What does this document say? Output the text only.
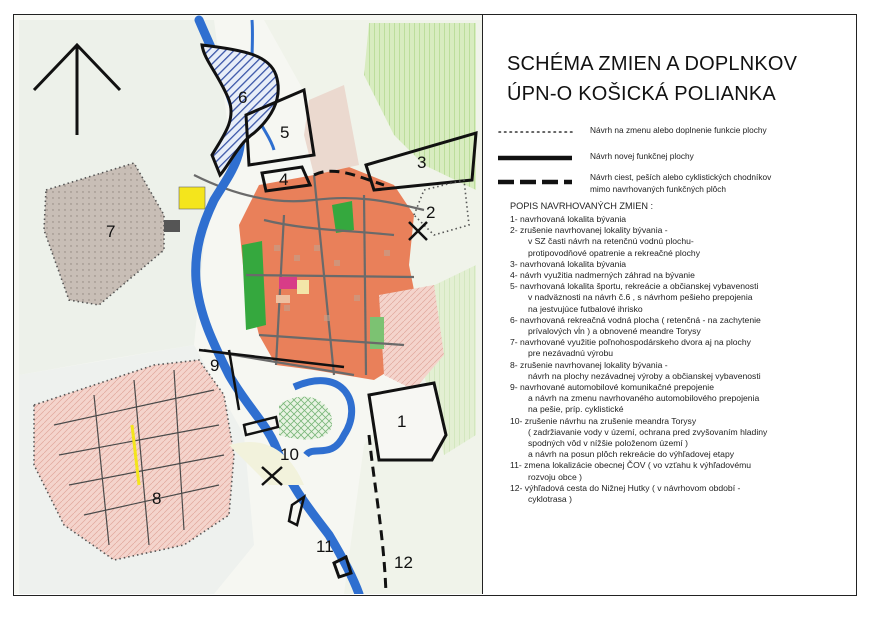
1
2
3
4
5
6
7
8
9
10
11
12
SCHÉMA ZMIEN A DOPLNKOV
ÚPN-O KOŠICKÁ POLIANKA
Návrh na zmenu alebo doplnenie funkcie plochy
Návrh novej funkčnej plochy
Návrh ciest, peších alebo cyklistických chodníkov
mimo navrhovaných funkčných plôch
POPIS NAVRHOVANÝCH ZMIEN :
1- navrhovaná lokalita bývania
2- zrušenie navrhovanej lokality bývania -
v SZ časti návrh na retenčnú vodnú plochu-
protipovodňové opatrenie a rekreačné plochy
3- navrhovaná lokalita bývania
4- návrh využitia nadmerných záhrad na bývanie
5- navrhovaná lokalita športu, rekreácie a občianskej vybavenosti
v nadväznosti na návrh č.6 , s návrhom pešieho prepojenia
na jestvujúce futbalové ihrisko
6- navrhovaná rekreačná vodná plocha ( retenčná - na zachytenie
prívalových vĺn ) a obnovené meandre Torysy
7- navrhované využitie poľnohospodárskeho dvora aj na plochy
pre nezávadnú výrobu
8- zrušenie navrhovanej lokality bývania -
návrh na plochy nezávadnej výroby a občianskej vybavenosti
9- navrhované automobilové komunikačné prepojenie
a návrh na zmenu navrhovaného automobilového prepojenia
na pešie, príp. cyklistické
10- zrušenie návrhu na zrušenie meandra Torysy
( zadržiavanie vody v území, ochrana pred zvyšovaním hladiny
spodných vôd v nížšie položenom území )
a návrh na posun plôch rekreácie do výhľadovej etapy
11- zmena lokalizácie obecnej ČOV ( vo vzťahu k výhľadovému
rozvoju obce )
12- výhľadová cesta do Nižnej Hutky ( v návrhovom období -
cyklotrasa )
